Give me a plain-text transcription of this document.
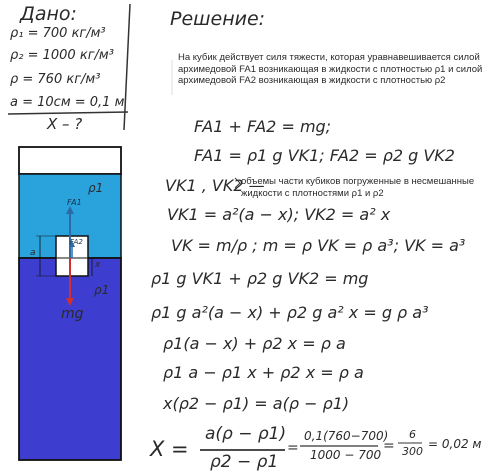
Дано:
ρ₁ = 700 кг/м³
ρ₂ = 1000 кг/м³
ρ = 760 кг/м³
a = 10см = 0,1 м
X – ?
Решение:
На кубик действует силя тяжести, которая уравнавешивается силой архимедовой FA1 возникающая в жидкости с плотностью ρ1 и силой архимедовой FA2 возникающая в жидкости с плотностью ρ2
FA1 + FA2 = mg;
FA1 = ρ1 g VK1; FA2 = ρ2 g VK2
VK1 , VK2 —
объемы части кубиков погруженные в несмешанные жидкости с плотностями ρ1 и ρ2
VK1 = a²(a − x); VK2 = a² x
VK = m/ρ ; m = ρ VK = ρ a³; VK = a³
ρ1 g VK1 + ρ2 g VK2 = mg
ρ1 g a²(a − x) + ρ2 g a² x = g ρ a³
ρ1(a − x) + ρ2 x = ρ a
ρ1 a − ρ1 x + ρ2 x = ρ a
x(ρ2 − ρ1) = a(ρ − ρ1)
X =
a(ρ − ρ1)
ρ2 − ρ1
0,1(760−700)
1000 − 700
6
300
= 0,02 м
=	=
ρ1
ρ1
FA1
FA2
mg
a
x
